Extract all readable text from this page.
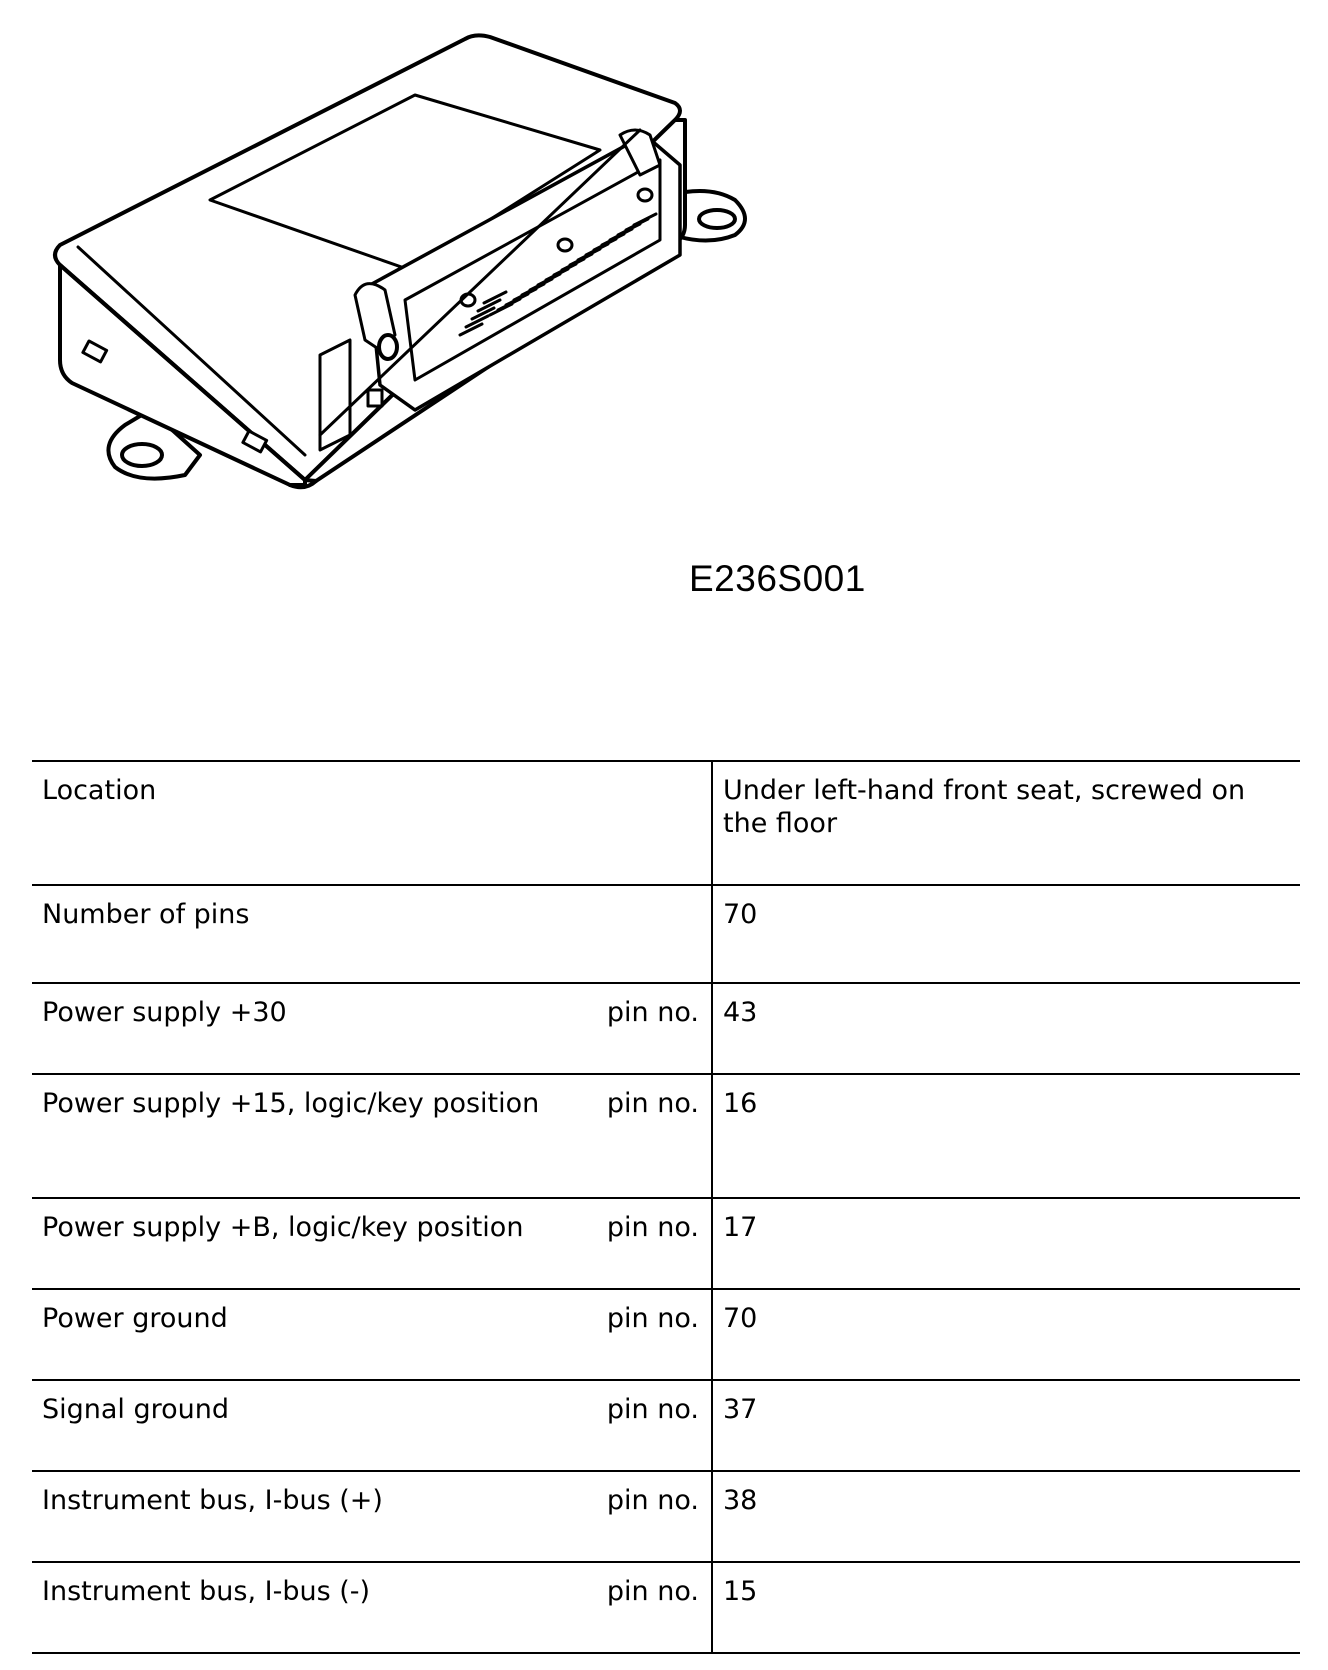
E236S001
Location		Under left-hand front seat, screwed on the floor
Number of pins		70
Power supply +30	pin no.	43
Power supply +15, logic/key position	pin no.	16
Power supply +B, logic/key position	pin no.	17
Power ground	pin no.	70
Signal ground	pin no.	37
Instrument bus, I-bus (+)	pin no.	38
Instrument bus, I-bus (-)	pin no.	15
